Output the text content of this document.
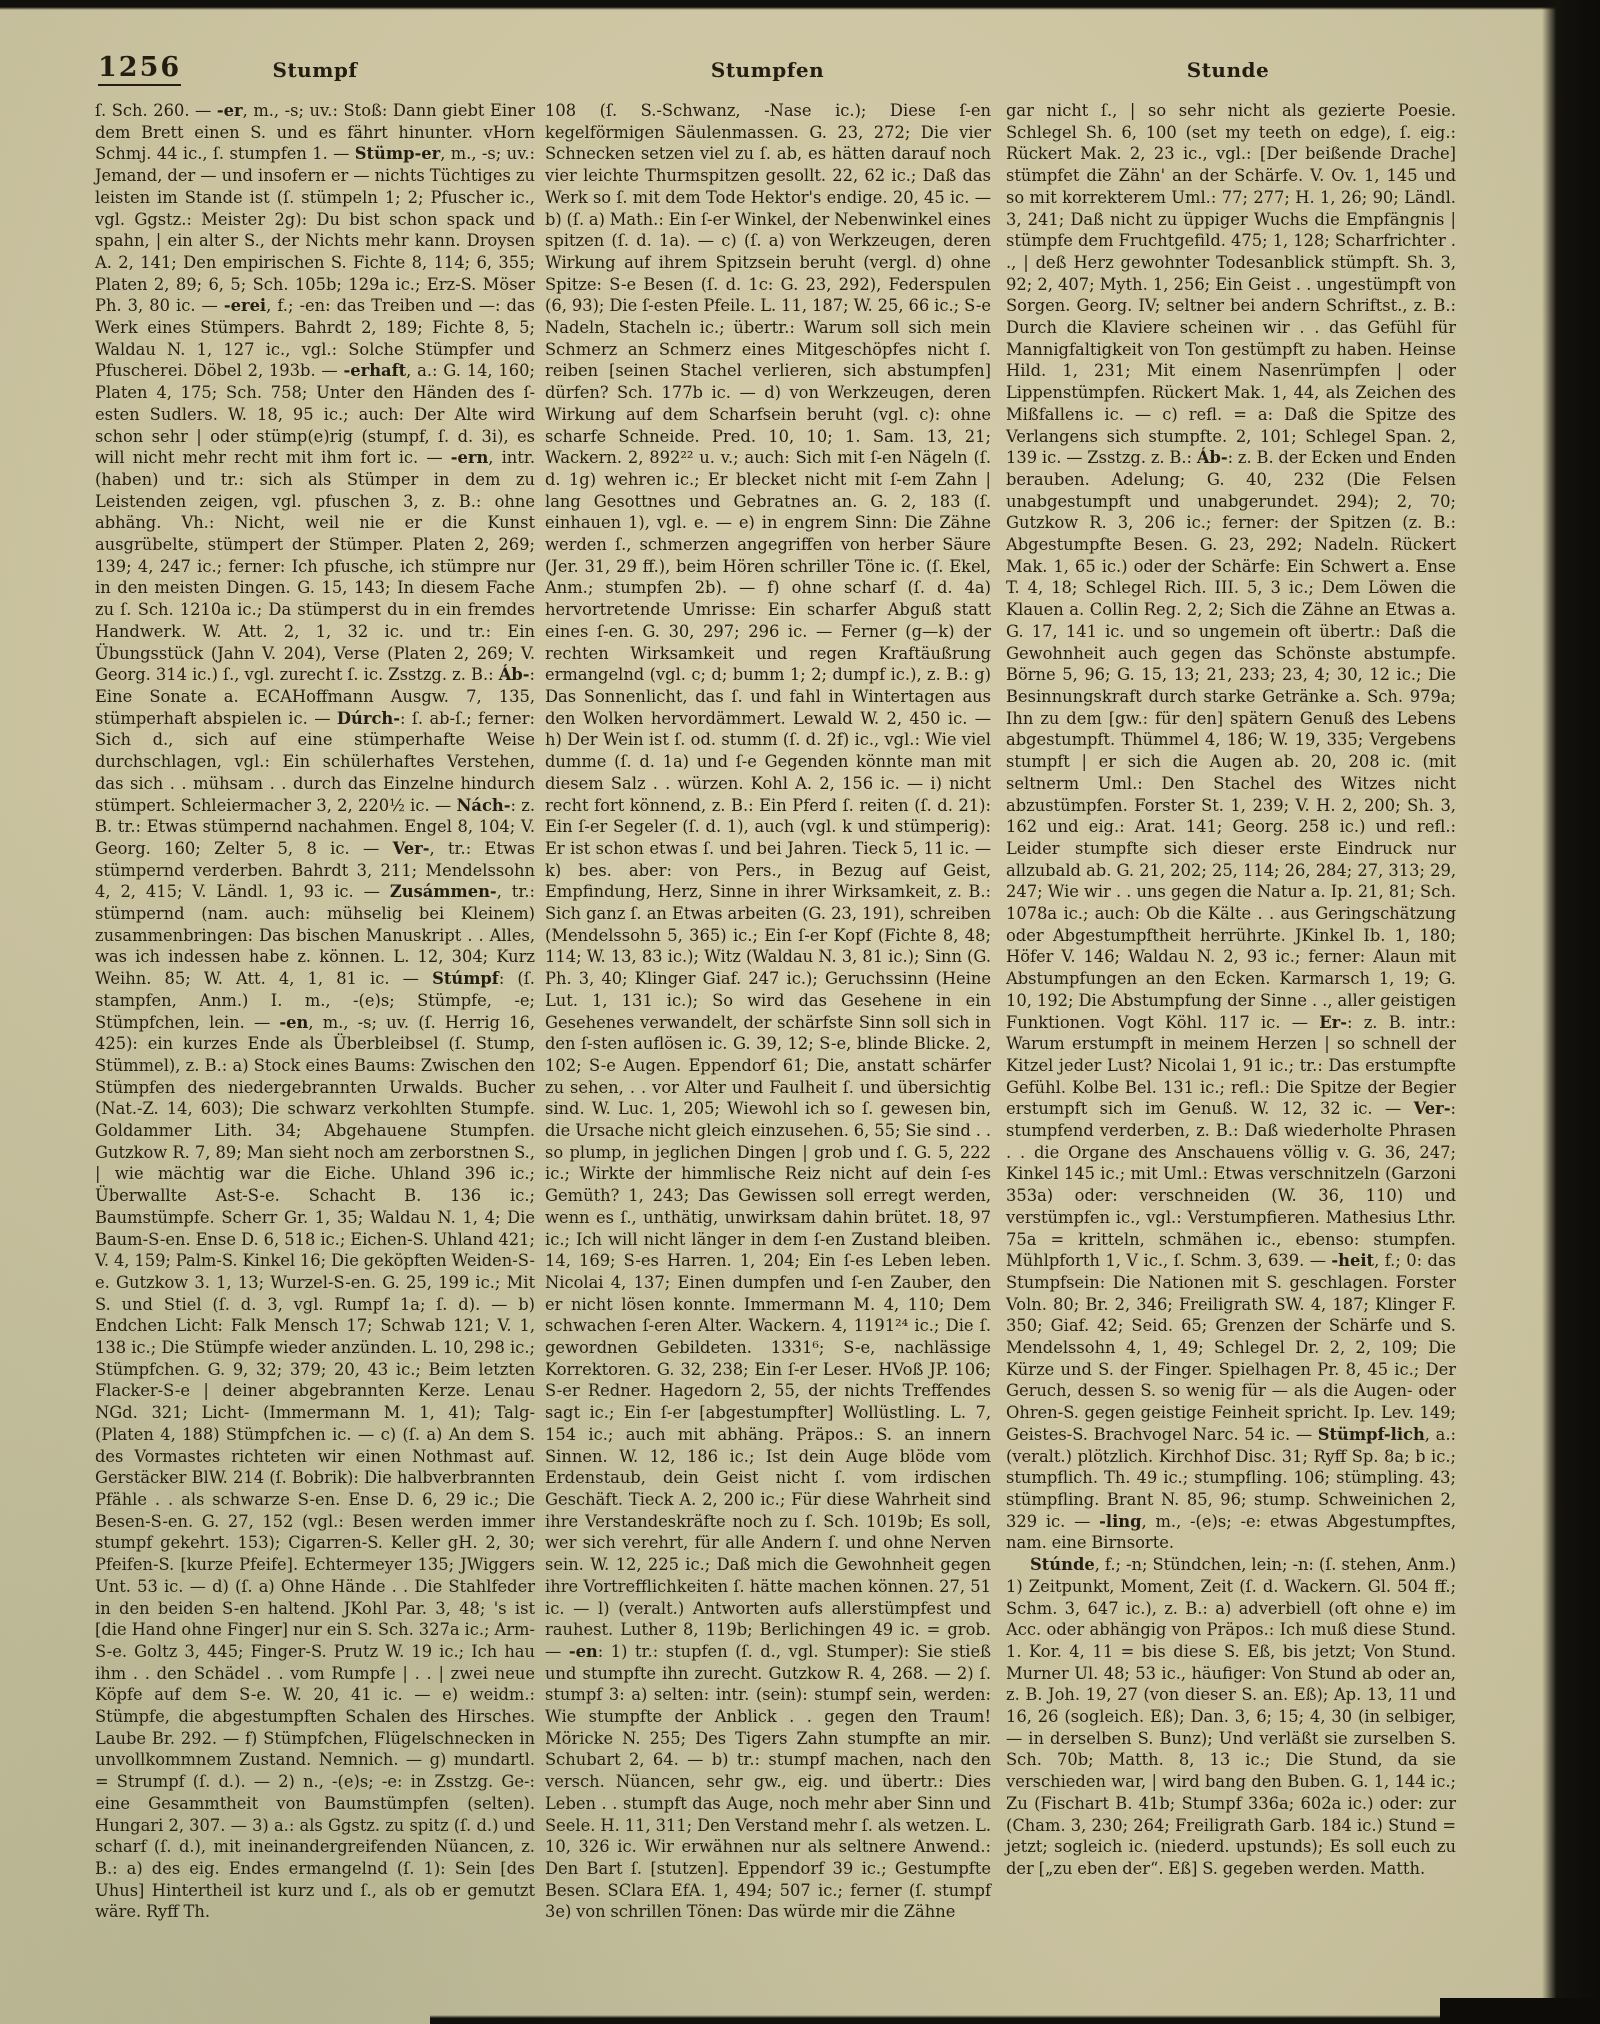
1256	Stumpf	Stumpfen	Stunde

ſ. Sch. 260. — -er, m., -s; uv.: Stoß: Dann giebt Einer dem Brett einen S. und es fährt hinunter. vHorn Schmj. 44 ic., ſ. stumpfen 1. — Stümp-er, m., -s; uv.: Jemand, der — und insofern er — nichts Tüchtiges zu leisten im Stande ist (ſ. stümpeln 1; 2; Pfuscher ic., vgl. Ggstz.: Meister 2g): Du bist schon spack und spahn, | ein alter S., der Nichts mehr kann. Droysen A. 2, 141; Den empirischen S. Fichte 8, 114; 6, 355; Platen 2, 89; 6, 5; Sch. 105b; 129a ic.; Erz-S. Möser Ph. 3, 80 ic. — -erei, f.; -en: das Treiben und —: das Werk eines Stümpers. Bahrdt 2, 189; Fichte 8, 5; Waldau N. 1, 127 ic., vgl.: Solche Stümpfer und Pfuscherei. Döbel 2, 193b. — -erhaft, a.: G. 14, 160; Platen 4, 175; Sch. 758; Unter den Händen des ſ-esten Sudlers. W. 18, 95 ic.; auch: Der Alte wird schon sehr | oder stümp(e)rig (stumpf, ſ. d. 3i), es will nicht mehr recht mit ihm fort ic. — -ern, intr. (haben) und tr.: sich als Stümper in dem zu Leistenden zeigen, vgl. pfuschen 3, z. B.: ohne abhäng. Vh.: Nicht, weil nie er die Kunst ausgrübelte, stümpert der Stümper. Platen 2, 269; 139; 4, 247 ic.; ferner: Ich pfusche, ich stümpre nur in den meisten Dingen. G. 15, 143; In diesem Fache zu ſ. Sch. 1210a ic.; Da stümperst du in ein fremdes Handwerk. W. Att. 2, 1, 32 ic. und tr.: Ein Übungsstück (Jahn V. 204), Verse (Platen 2, 269; V. Georg. 314 ic.) ſ., vgl. zurecht ſ. ic. Zsstzg. z. B.: Áb-: Eine Sonate a. ECAHoffmann Ausgw. 7, 135, stümperhaft abspielen ic. — Dúrch-: ſ. ab-ſ.; ferner: Sich d., sich auf eine stümperhafte Weise durchschlagen, vgl.: Ein schülerhaftes Verstehen, das sich . . mühsam . . durch das Einzelne hindurch stümpert. Schleiermacher 3, 2, 220½ ic. — Nách-: z. B. tr.: Etwas stümpernd nachahmen. Engel 8, 104; V. Georg. 160; Zelter 5, 8 ic. — Ver-, tr.: Etwas stümpernd verderben. Bahrdt 3, 211; Mendelssohn 4, 2, 415; V. Ländl. 1, 93 ic. — Zusámmen-, tr.: stümpernd (nam. auch: mühselig bei Kleinem) zusammenbringen: Das bischen Manuskript . . Alles, was ich indessen habe z. können. L. 12, 304; Kurz Weihn. 85; W. Att. 4, 1, 81 ic. — Stúmpf: (ſ. stampfen, Anm.) I. m., -(e)s; Stümpfe, -e; Stümpfchen, lein. — -en, m., -s; uv. (ſ. Herrig 16, 425): ein kurzes Ende als Überbleibsel (ſ. Stump, Stümmel), z. B.: a) Stock eines Baums: Zwischen den Stümpfen des niedergebrannten Urwalds. Bucher (Nat.-Z. 14, 603); Die schwarz verkohlten Stumpfe. Goldammer Lith. 34; Abgehauene Stumpfen. Gutzkow R. 7, 89; Man sieht noch am zerborstnen S., | wie mächtig war die Eiche. Uhland 396 ic.; Überwallte Ast-S-e. Schacht B. 136 ic.; Baumstümpfe. Scherr Gr. 1, 35; Waldau N. 1, 4; Die Baum-S-en. Ense D. 6, 518 ic.; Eichen-S. Uhland 421; V. 4, 159; Palm-S. Kinkel 16; Die geköpften Weiden-S-e. Gutzkow 3. 1, 13; Wurzel-S-en. G. 25, 199 ic.; Mit S. und Stiel (ſ. d. 3, vgl. Rumpf 1a; ſ. d). — b) Endchen Licht: Falk Mensch 17; Schwab 121; V. 1, 138 ic.; Die Stümpfe wieder anzünden. L. 10, 298 ic.; Stümpfchen. G. 9, 32; 379; 20, 43 ic.; Beim letzten Flacker-S-e | deiner abgebrannten Kerze. Lenau NGd. 321; Licht- (Immermann M. 1, 41); Talg- (Platen 4, 188) Stümpfchen ic. — c) (ſ. a) An dem S. des Vormastes richteten wir einen Nothmast auf. Gerstäcker BlW. 214 (ſ. Bobrik): Die halbverbrannten Pfähle . . als schwarze S-en. Ense D. 6, 29 ic.; Die Besen-S-en. G. 27, 152 (vgl.: Besen werden immer stumpf gekehrt. 153); Cigarren-S. Keller gH. 2, 30; Pfeifen-S. [kurze Pfeife]. Echtermeyer 135; JWiggers Unt. 53 ic. — d) (ſ. a) Ohne Hände . . Die Stahlfeder in den beiden S-en haltend. JKohl Par. 3, 48; 's ist [die Hand ohne Finger] nur ein S. Sch. 327a ic.; Arm-S-e. Goltz 3, 445; Finger-S. Prutz W. 19 ic.; Ich hau ihm . . den Schädel . . vom Rumpfe | . . | zwei neue Köpfe auf dem S-e. W. 20, 41 ic. — e) weidm.: Stümpfe, die abgestumpften Schalen des Hirsches. Laube Br. 292. — f) Stümpfchen, Flügelschnecken in unvollkommnem Zustand. Nemnich. — g) mundartl. = Strumpf (ſ. d.). — 2) n., -(e)s; -e: in Zsstzg. Ge-: eine Gesammtheit von Baumstümpfen (selten). Hungari 2, 307. — 3) a.: als Ggstz. zu spitz (ſ. d.) und scharf (ſ. d.), mit ineinandergreifenden Nüancen, z. B.: a) des eig. Endes ermangelnd (ſ. 1): Sein [des Uhus] Hintertheil ist kurz und ſ., als ob er gemutzt wäre. Ryff Th.

108 (ſ. S.-Schwanz, -Nase ic.); Diese ſ-en kegelförmigen Säulenmassen. G. 23, 272; Die vier Schnecken setzen viel zu ſ. ab, es hätten darauf noch vier leichte Thurmspitzen gesollt. 22, 62 ic.; Daß das Werk so ſ. mit dem Tode Hektor's endige. 20, 45 ic. — b) (ſ. a) Math.: Ein ſ-er Winkel, der Nebenwinkel eines spitzen (ſ. d. 1a). — c) (ſ. a) von Werkzeugen, deren Wirkung auf ihrem Spitzsein beruht (vergl. d) ohne Spitze: S-e Besen (ſ. d. 1c: G. 23, 292), Federspulen (6, 93); Die ſ-esten Pfeile. L. 11, 187; W. 25, 66 ic.; S-e Nadeln, Stacheln ic.; übertr.: Warum soll sich mein Schmerz an Schmerz eines Mitgeschöpfes nicht ſ. reiben [seinen Stachel verlieren, sich abstumpfen] dürfen? Sch. 177b ic. — d) von Werkzeugen, deren Wirkung auf dem Scharfsein beruht (vgl. c): ohne scharfe Schneide. Pred. 10, 10; 1. Sam. 13, 21; Wackern. 2, 892²² u. v.; auch: Sich mit ſ-en Nägeln (ſ. d. 1g) wehren ic.; Er blecket nicht mit ſ-em Zahn | lang Gesottnes und Gebratnes an. G. 2, 183 (ſ. einhauen 1), vgl. e. — e) in engrem Sinn: Die Zähne werden ſ., schmerzen angegriffen von herber Säure (Jer. 31, 29 ff.), beim Hören schriller Töne ic. (ſ. Ekel, Anm.; stumpfen 2b). — f) ohne scharf (ſ. d. 4a) hervortretende Umrisse: Ein scharfer Abguß statt eines ſ-en. G. 30, 297; 296 ic. — Ferner (g—k) der rechten Wirksamkeit und regen Kraftäußrung ermangelnd (vgl. c; d; bumm 1; 2; dumpf ic.), z. B.: g) Das Sonnenlicht, das ſ. und fahl in Wintertagen aus den Wolken hervordämmert. Lewald W. 2, 450 ic. — h) Der Wein ist ſ. od. stumm (ſ. d. 2f) ic., vgl.: Wie viel dumme (ſ. d. 1a) und ſ-e Gegenden könnte man mit diesem Salz . . würzen. Kohl A. 2, 156 ic. — i) nicht recht fort könnend, z. B.: Ein Pferd ſ. reiten (ſ. d. 21): Ein ſ-er Segeler (ſ. d. 1), auch (vgl. k und stümperig): Er ist schon etwas ſ. und bei Jahren. Tieck 5, 11 ic. — k) bes. aber: von Pers., in Bezug auf Geist, Empfindung, Herz, Sinne in ihrer Wirksamkeit, z. B.: Sich ganz ſ. an Etwas arbeiten (G. 23, 191), schreiben (Mendelssohn 5, 365) ic.; Ein ſ-er Kopf (Fichte 8, 48; 114; W. 13, 83 ic.); Witz (Waldau N. 3, 81 ic.); Sinn (G. Ph. 3, 40; Klinger Giaf. 247 ic.); Geruchssinn (Heine Lut. 1, 131 ic.); So wird das Gesehene in ein Gesehenes verwandelt, der schärfste Sinn soll sich in den ſ-sten auflösen ic. G. 39, 12; S-e, blinde Blicke. 2, 102; S-e Augen. Eppendorf 61; Die, anstatt schärfer zu sehen, . . vor Alter und Faulheit ſ. und übersichtig sind. W. Luc. 1, 205; Wiewohl ich so ſ. gewesen bin, die Ursache nicht gleich einzusehen. 6, 55; Sie sind . . so plump, in jeglichen Dingen | grob und ſ. G. 5, 222 ic.; Wirkte der himmlische Reiz nicht auf dein ſ-es Gemüth? 1, 243; Das Gewissen soll erregt werden, wenn es ſ., unthätig, unwirksam dahin brütet. 18, 97 ic.; Ich will nicht länger in dem ſ-en Zustand bleiben. 14, 169; S-es Harren. 1, 204; Ein ſ-es Leben leben. Nicolai 4, 137; Einen dumpfen und ſ-en Zauber, den er nicht lösen konnte. Immermann M. 4, 110; Dem schwachen ſ-eren Alter. Wackern. 4, 1191²⁴ ic.; Die ſ. gewordnen Gebildeten. 1331⁶; S-e, nachlässige Korrektoren. G. 32, 238; Ein ſ-er Leser. HVoß JP. 106; S-er Redner. Hagedorn 2, 55, der nichts Treffendes sagt ic.; Ein ſ-er [abgestumpfter] Wollüstling. L. 7, 154 ic.; auch mit abhäng. Präpos.: S. an innern Sinnen. W. 12, 186 ic.; Ist dein Auge blöde vom Erdenstaub, dein Geist nicht ſ. vom irdischen Geschäft. Tieck A. 2, 200 ic.; Für diese Wahrheit sind ihre Verstandeskräfte noch zu ſ. Sch. 1019b; Es soll, wer sich verehrt, für alle Andern ſ. und ohne Nerven sein. W. 12, 225 ic.; Daß mich die Gewohnheit gegen ihre Vortrefflichkeiten ſ. hätte machen können. 27, 51 ic. — l) (veralt.) Antworten aufs allerstümpfest und rauhest. Luther 8, 119b; Berlichingen 49 ic. = grob. — -en: 1) tr.: stupfen (ſ. d., vgl. Stumper): Sie stieß und stumpfte ihn zurecht. Gutzkow R. 4, 268. — 2) ſ. stumpf 3: a) selten: intr. (sein): stumpf sein, werden: Wie stumpfte der Anblick . . gegen den Traum! Möricke N. 255; Des Tigers Zahn stumpfte an mir. Schubart 2, 64. — b) tr.: stumpf machen, nach den versch. Nüancen, sehr gw., eig. und übertr.: Dies Leben . . stumpft das Auge, noch mehr aber Sinn und Seele. H. 11, 311; Den Verstand mehr ſ. als wetzen. L. 10, 326 ic. Wir erwähnen nur als seltnere Anwend.: Den Bart ſ. [stutzen]. Eppendorf 39 ic.; Gestumpfte Besen. SClara EfA. 1, 494; 507 ic.; ferner (ſ. stumpf 3e) von schrillen Tönen: Das würde mir die Zähne

gar nicht ſ., | so sehr nicht als gezierte Poesie. Schlegel Sh. 6, 100 (set my teeth on edge), ſ. eig.: Rückert Mak. 2, 23 ic., vgl.: [Der beißende Drache] stümpfet die Zähn' an der Schärfe. V. Ov. 1, 145 und so mit korrekterem Uml.: 77; 277; H. 1, 26; 90; Ländl. 3, 241; Daß nicht zu üppiger Wuchs die Empfängnis | stümpfe dem Fruchtgefild. 475; 1, 128; Scharfrichter . ., | deß Herz gewohnter Todesanblick stümpft. Sh. 3, 92; 2, 407; Myth. 1, 256; Ein Geist . . ungestümpft von Sorgen. Georg. IV; seltner bei andern Schriftst., z. B.: Durch die Klaviere scheinen wir . . das Gefühl für Mannigfaltigkeit von Ton gestümpft zu haben. Heinse Hild. 1, 231; Mit einem Nasenrümpfen | oder Lippenstümpfen. Rückert Mak. 1, 44, als Zeichen des Mißfallens ic. — c) refl. = a: Daß die Spitze des Verlangens sich stumpfte. 2, 101; Schlegel Span. 2, 139 ic. — Zsstzg. z. B.: Áb-: z. B. der Ecken und Enden berauben. Adelung; G. 40, 232 (Die Felsen unabgestumpft und unabgerundet. 294); 2, 70; Gutzkow R. 3, 206 ic.; ferner: der Spitzen (z. B.: Abgestumpfte Besen. G. 23, 292; Nadeln. Rückert Mak. 1, 65 ic.) oder der Schärfe: Ein Schwert a. Ense T. 4, 18; Schlegel Rich. III. 5, 3 ic.; Dem Löwen die Klauen a. Collin Reg. 2, 2; Sich die Zähne an Etwas a. G. 17, 141 ic. und so ungemein oft übertr.: Daß die Gewohnheit auch gegen das Schönste abstumpfe. Börne 5, 96; G. 15, 13; 21, 233; 23, 4; 30, 12 ic.; Die Besinnungskraft durch starke Getränke a. Sch. 979a; Ihn zu dem [gw.: für den] spätern Genuß des Lebens abgestumpft. Thümmel 4, 186; W. 19, 335; Vergebens stumpft | er sich die Augen ab. 20, 208 ic. (mit seltnerm Uml.: Den Stachel des Witzes nicht abzustümpfen. Forster St. 1, 239; V. H. 2, 200; Sh. 3, 162 und eig.: Arat. 141; Georg. 258 ic.) und refl.: Leider stumpfte sich dieser erste Eindruck nur allzubald ab. G. 21, 202; 25, 114; 26, 284; 27, 313; 29, 247; Wie wir . . uns gegen die Natur a. Ip. 21, 81; Sch. 1078a ic.; auch: Ob die Kälte . . aus Geringschätzung oder Abgestumpftheit herrührte. JKinkel Ib. 1, 180; Höfer V. 146; Waldau N. 2, 93 ic.; ferner: Alaun mit Abstumpfungen an den Ecken. Karmarsch 1, 19; G. 10, 192; Die Abstumpfung der Sinne . ., aller geistigen Funktionen. Vogt Köhl. 117 ic. — Er-: z. B. intr.: Warum erstumpft in meinem Herzen | so schnell der Kitzel jeder Lust? Nicolai 1, 91 ic.; tr.: Das erstumpfte Gefühl. Kolbe Bel. 131 ic.; refl.: Die Spitze der Begier erstumpft sich im Genuß. W. 12, 32 ic. — Ver-: stumpfend verderben, z. B.: Daß wiederholte Phrasen . . die Organe des Anschauens völlig v. G. 36, 247; Kinkel 145 ic.; mit Uml.: Etwas verschnitzeln (Garzoni 353a) oder: verschneiden (W. 36, 110) und verstümpfen ic., vgl.: Verstumpfieren. Mathesius Lthr. 75a = kritteln, schmähen ic., ebenso: stumpfen. Mühlpforth 1, V ic., ſ. Schm. 3, 639. — -heit, f.; 0: das Stumpfsein: Die Nationen mit S. geschlagen. Forster Voln. 80; Br. 2, 346; Freiligrath SW. 4, 187; Klinger F. 350; Giaf. 42; Seid. 65; Grenzen der Schärfe und S. Mendelssohn 4, 1, 49; Schlegel Dr. 2, 2, 109; Die Kürze und S. der Finger. Spielhagen Pr. 8, 45 ic.; Der Geruch, dessen S. so wenig für — als die Augen- oder Ohren-S. gegen geistige Feinheit spricht. Ip. Lev. 149; Geistes-S. Brachvogel Narc. 54 ic. — Stümpf-lich, a.: (veralt.) plötzlich. Kirchhof Disc. 31; Ryff Sp. 8a; b ic.; stumpflich. Th. 49 ic.; stumpfling. 106; stümpling. 43; stümpfling. Brant N. 85, 96; stump. Schweinichen 2, 329 ic. — -ling, m., -(e)s; -e: etwas Abgestumpftes, nam. eine Birnsorte.

Stúnde, f.; -n; Stündchen, lein; -n: (ſ. stehen, Anm.) 1) Zeitpunkt, Moment, Zeit (ſ. d. Wackern. Gl. 504 ff.; Schm. 3, 647 ic.), z. B.: a) adverbiell (oft ohne e) im Acc. oder abhängig von Präpos.: Ich muß diese Stund. 1. Kor. 4, 11 = bis diese S. Eß, bis jetzt; Von Stund. Murner Ul. 48; 53 ic., häufiger: Von Stund ab oder an, z. B. Joh. 19, 27 (von dieser S. an. Eß); Ap. 13, 11 und 16, 26 (sogleich. Eß); Dan. 3, 6; 15; 4, 30 (in selbiger, — in derselben S. Bunz); Und verläßt sie zurselben S. Sch. 70b; Matth. 8, 13 ic.; Die Stund, da sie verschieden war, | wird bang den Buben. G. 1, 144 ic.; Zu (Fischart B. 41b; Stumpf 336a; 602a ic.) oder: zur (Cham. 3, 230; 264; Freiligrath Garb. 184 ic.) Stund = jetzt; sogleich ic. (niederd. upstunds); Es soll euch zu der [„zu eben der“. Eß] S. gegeben werden. Matth.
